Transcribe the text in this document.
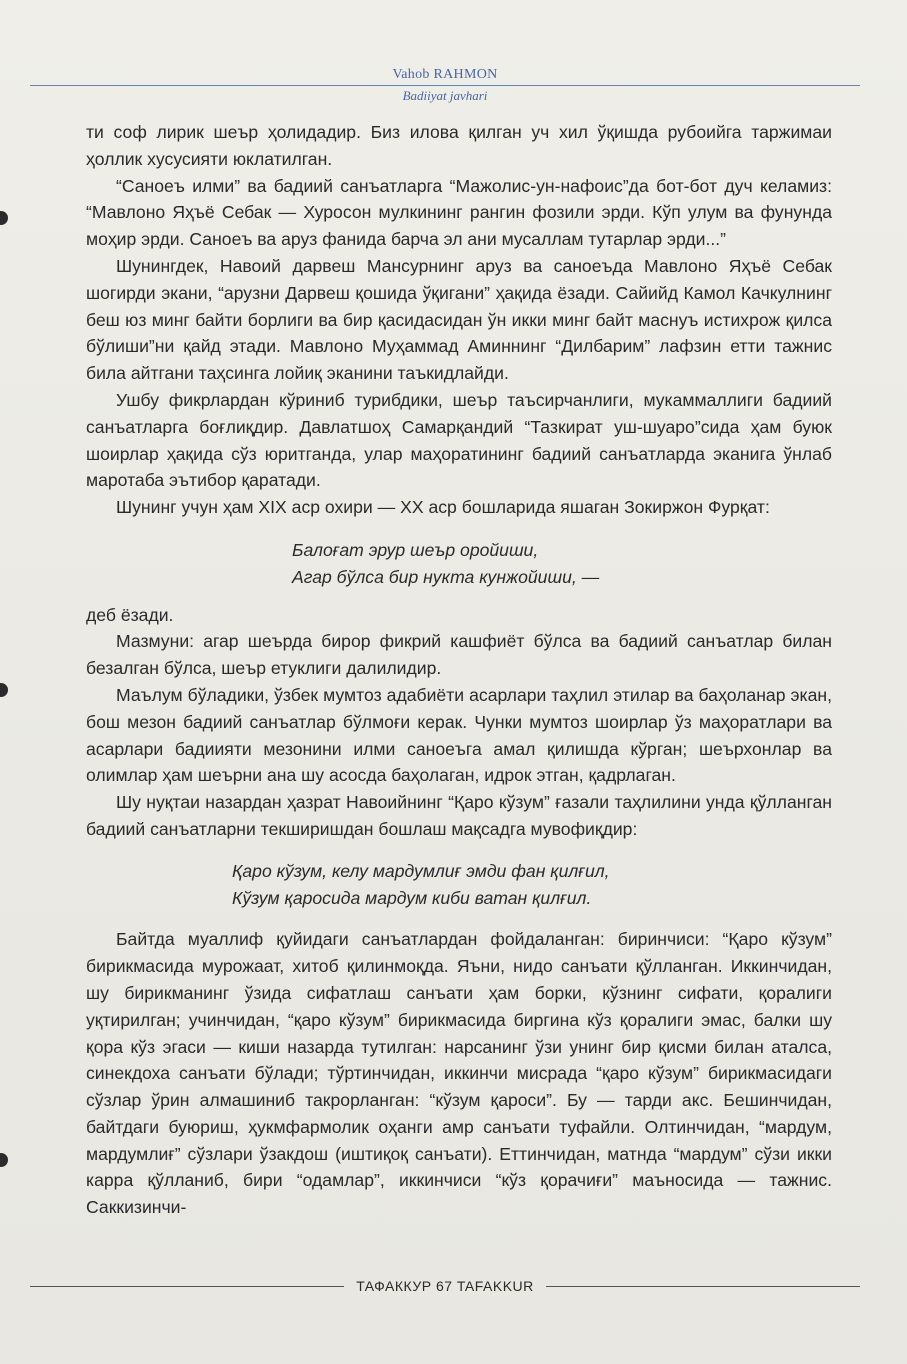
Vahob RAHMON
Badiiyat javhari

ти соф лирик шеър ҳолидадир. Биз илова қилган уч хил ўқишда рубоийга таржимаи ҳоллик хусусияти юклатилган.

“Саноеъ илми” ва бадиий санъатларга “Мажолис-ун-нафоис”да бот-бот дуч келамиз: “Мавлоно Яҳъё Себак — Хуросон мулкининг рангин фозили эрди. Кўп улум ва фунунда моҳир эрди. Саноеъ ва аруз фанида барча эл ани мусаллам тутарлар эрди...”

Шунингдек, Навоий дарвеш Мансурнинг аруз ва саноеъда Мавлоно Яҳъё Себак шогирди экани, “арузни Дарвеш қошида ўқигани” ҳақида ёзади. Сайийд Камол Качкулнинг беш юз минг байти борлиги ва бир қасидасидан ўн икки минг байт маснуъ истихрож қилса бўлиши”ни қайд этади. Мавлоно Муҳаммад Аминнинг “Дилбарим” лафзин етти тажнис била айтгани таҳсинга лойиқ эканини таъкидлайди.

Ушбу фикрлардан кўриниб турибдики, шеър таъсирчанлиги, мукаммаллиги бадиий санъатларга боғлиқдир. Давлатшоҳ Самарқандий “Тазкират уш-шуаро”сида ҳам буюк шоирлар ҳақида сўз юритганда, улар маҳоратининг бадиий санъатларда эканига ўнлаб маротаба эътибор қаратади.

Шунинг учун ҳам XIX аср охири — XX аср бошларида яшаган Зокиржон Фурқат:

Балоғат эрур шеър оройиши,
Агар бўлса бир нукта кунжойиши, —

деб ёзади.

Мазмуни: агар шеърда бирор фикрий кашфиёт бўлса ва бадиий санъатлар билан безалган бўлса, шеър етуклиги далилидир.

Маълум бўладики, ўзбек мумтоз адабиёти асарлари таҳлил этилар ва баҳоланар экан, бош мезон бадиий санъатлар бўлмоғи керак. Чунки мумтоз шоирлар ўз маҳоратлари ва асарлари бадиияти мезонини илми саноеъга амал қилишда кўрган; шеърхонлар ва олимлар ҳам шеърни ана шу асосда баҳолаган, идрок этган, қадрлаган.

Шу нуқтаи назардан ҳазрат Навоийнинг “Қаро кўзум” ғазали таҳлилини унда қўлланган бадиий санъатларни текширишдан бошлаш мақсадга мувофиқдир:

Қаро кўзум, келу мардумлиғ эмди фан қилғил,
Кўзум қаросида мардум киби ватан қилғил.

Байтда муаллиф қуйидаги санъатлардан фойдаланган: биринчиси: “Қаро кўзум” бирикмасида мурожаат, хитоб қилинмоқда. Яъни, нидо санъати қўлланган. Иккинчидан, шу бирикманинг ўзида сифатлаш санъати ҳам борки, кўзнинг сифати, қоралиги уқтирилган; учинчидан, “қаро кўзум” бирикмасида биргина кўз қоралиги эмас, балки шу қора кўз эгаси — киши назарда тутилган: нарсанинг ўзи унинг бир қисми билан аталса, синекдоха санъати бўлади; тўртинчидан, иккинчи мисрада “қаро кўзум” бирикмасидаги сўзлар ўрин алмашиниб такрорланган: “кўзум қароси”. Бу — тарди акс. Бешинчидан, байтдаги буюриш, ҳукмфармолик оҳанги амр санъати туфайли. Олтинчидан, “мардум, мардумлиғ” сўзлари ўзакдош (иштиқоқ санъати). Еттинчидан, матнда “мардум” сўзи икки карра қўлланиб, бири “одамлар”, иккинчиси “кўз қорачиғи” маъносида — тажнис. Саккизинчи-

ТАФАККУР 67 TAFAKKUR
